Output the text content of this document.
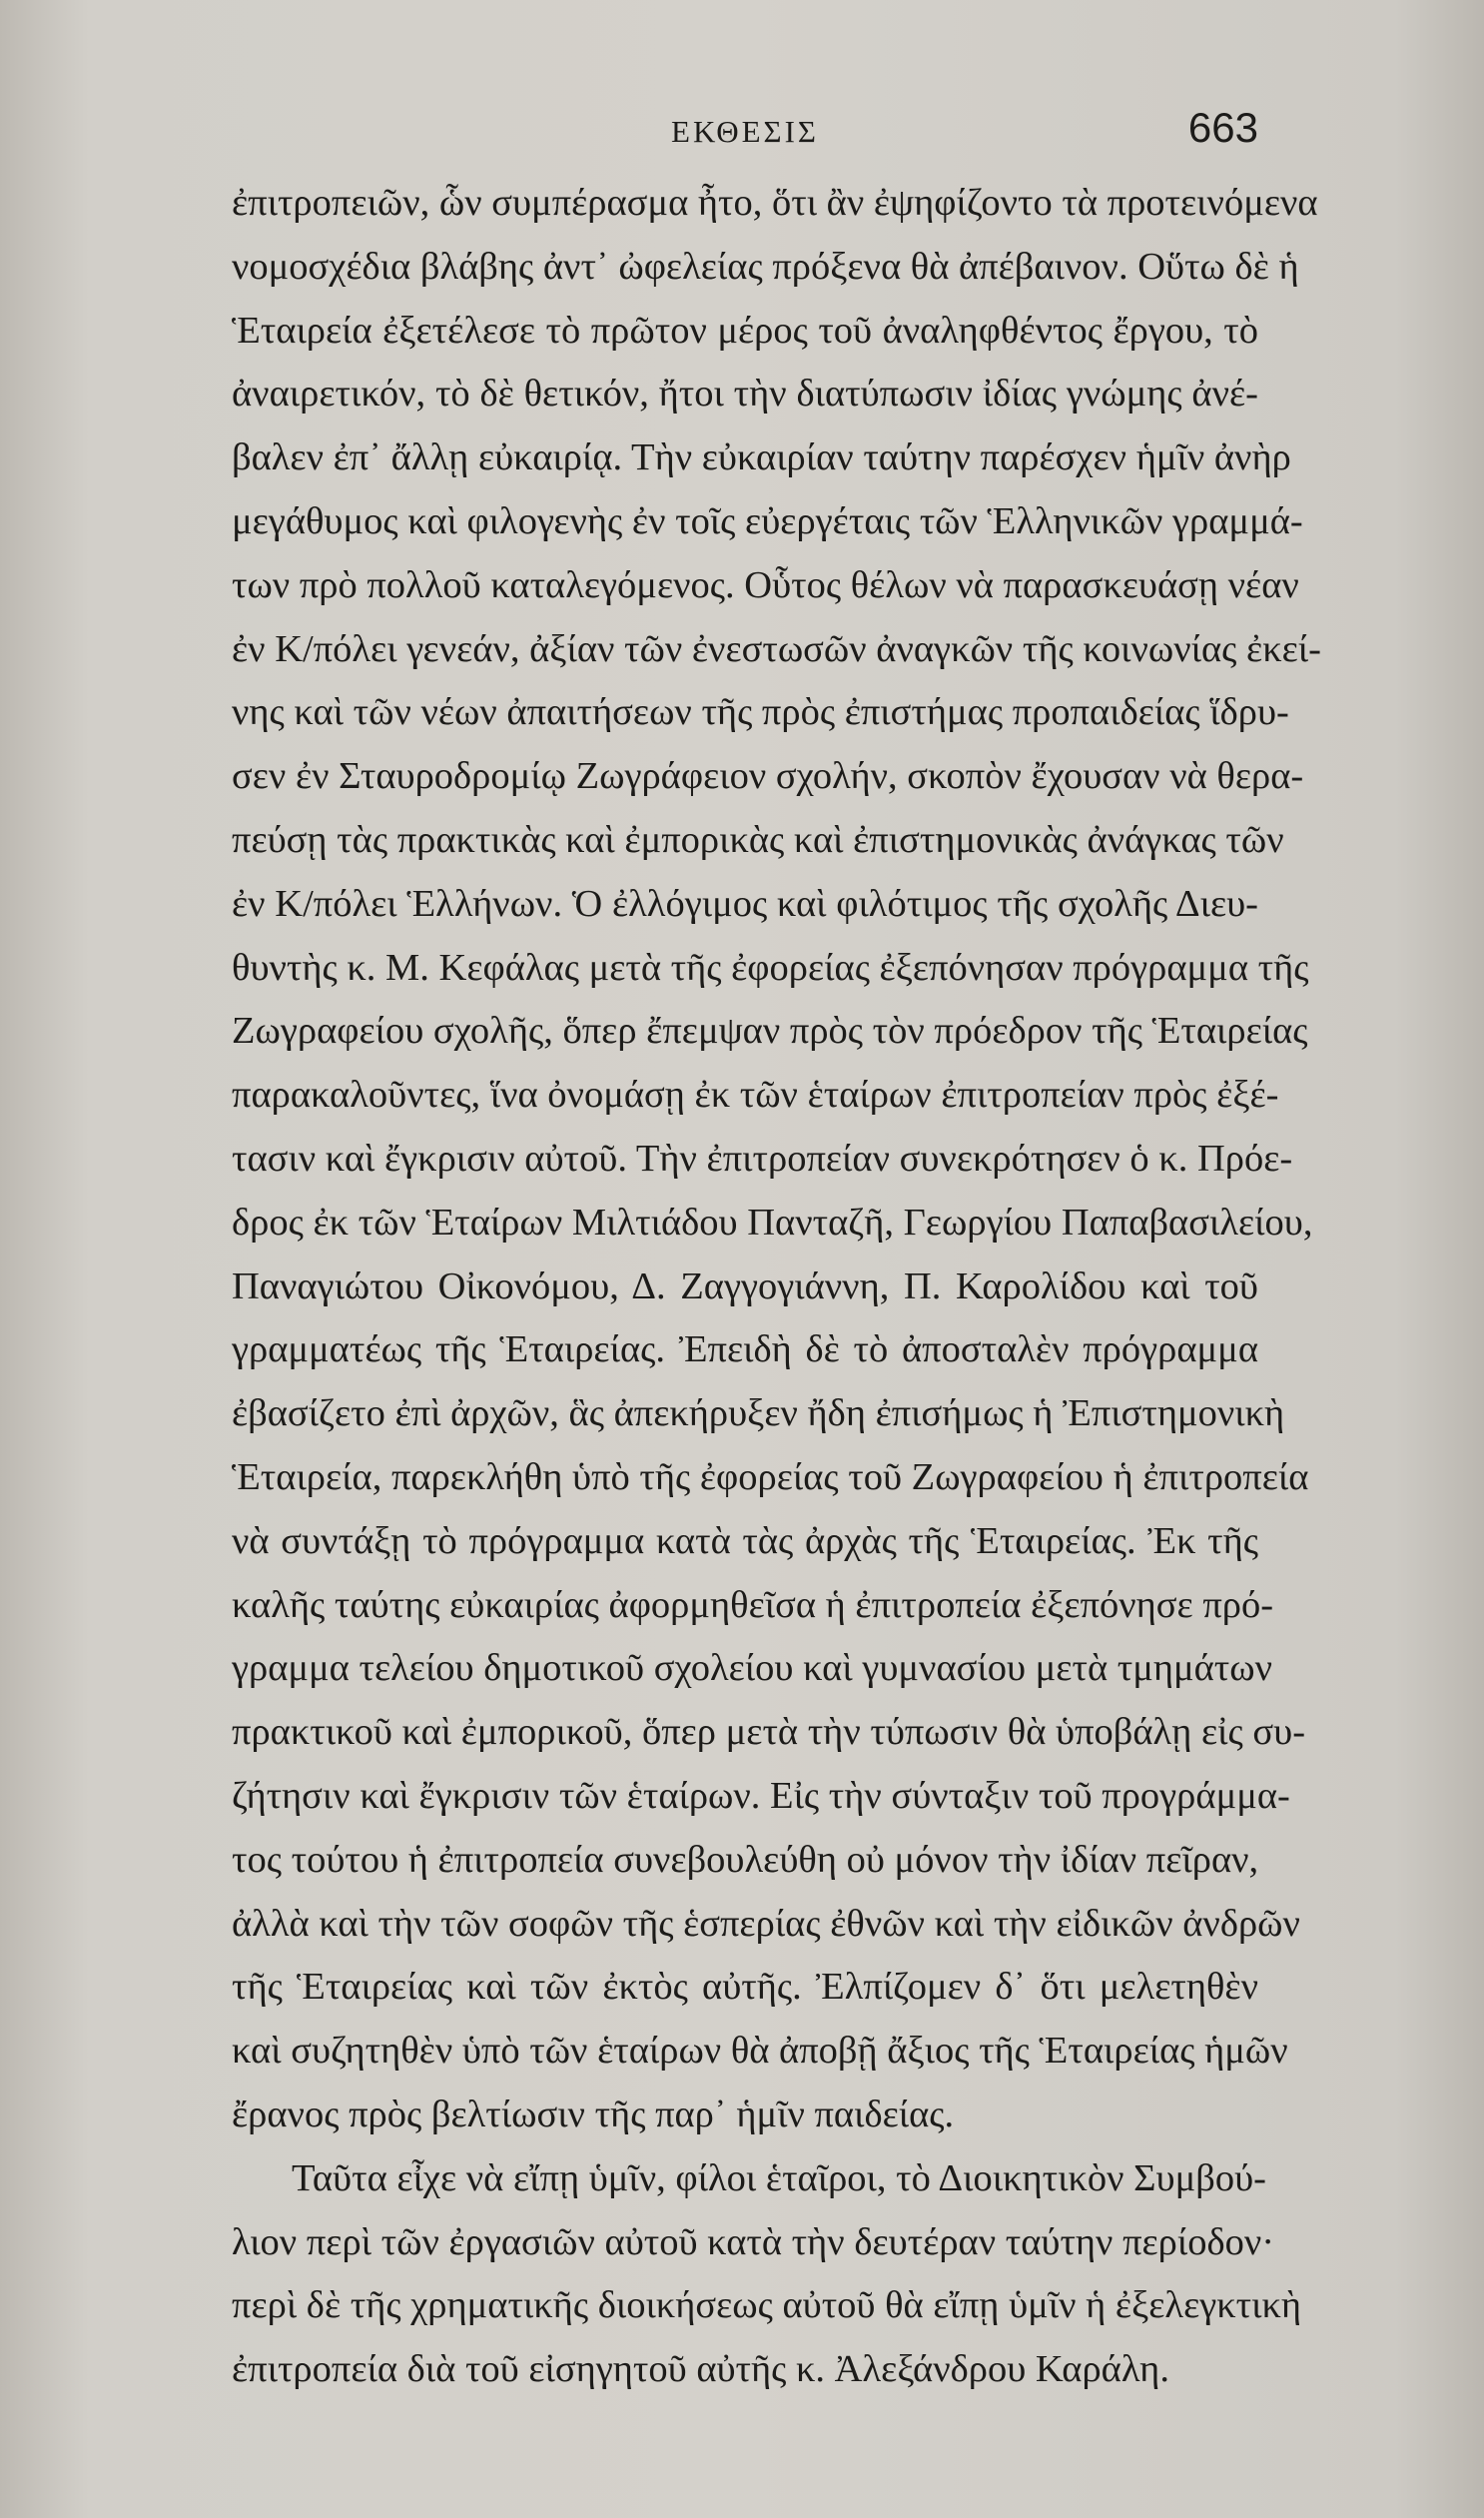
ΕΚΘΕΣΙΣ	663
ἐπιτροπειῶν, ὧν συμπέρασμα ἦτο, ὅτι ἂν ἐψηφίζοντο τὰ προτεινόμενα
νομοσχέδια βλάβης ἀντ᾽ ὠφελείας πρόξενα θὰ ἀπέβαινον. Οὕτω δὲ ἡ
Ἑταιρεία ἐξετέλεσε τὸ πρῶτον μέρος τοῦ ἀναληφθέντος ἔργου, τὸ
ἀναιρετικόν, τὸ δὲ θετικόν, ἤτοι τὴν διατύπωσιν ἰδίας γνώμης ἀνέ-
βαλεν ἐπ᾽ ἄλλῃ εὐκαιρίᾳ. Τὴν εὐκαιρίαν ταύτην παρέσχεν ἡμῖν ἀνὴρ
μεγάθυμος καὶ φιλογενὴς ἐν τοῖς εὐεργέταις τῶν Ἑλληνικῶν γραμμά-
των πρὸ πολλοῦ καταλεγόμενος. Οὗτος θέλων νὰ παρασκευάσῃ νέαν
ἐν Κ/πόλει γενεάν, ἀξίαν τῶν ἐνεστωσῶν ἀναγκῶν τῆς κοινωνίας ἐκεί-
νης καὶ τῶν νέων ἀπαιτήσεων τῆς πρὸς ἐπιστήμας προπαιδείας ἵδρυ-
σεν ἐν Σταυροδρομίῳ Ζωγράφειον σχολήν, σκοπὸν ἔχουσαν νὰ θερα-
πεύσῃ τὰς πρακτικὰς καὶ ἐμπορικὰς καὶ ἐπιστημονικὰς ἀνάγκας τῶν
ἐν Κ/πόλει Ἑλλήνων. Ὁ ἐλλόγιμος καὶ φιλότιμος τῆς σχολῆς Διευ-
θυντὴς κ. Μ. Κεφάλας μετὰ τῆς ἐφορείας ἐξεπόνησαν πρόγραμμα τῆς
Ζωγραφείου σχολῆς, ὅπερ ἔπεμψαν πρὸς τὸν πρόεδρον τῆς Ἑταιρείας
παρακαλοῦντες, ἵνα ὀνομάσῃ ἐκ τῶν ἑταίρων ἐπιτροπείαν πρὸς ἐξέ-
τασιν καὶ ἔγκρισιν αὐτοῦ. Τὴν ἐπιτροπείαν συνεκρότησεν ὁ κ. Πρόε-
δρος ἐκ τῶν Ἑταίρων Μιλτιάδου Πανταζῆ, Γεωργίου Παπαβασιλείου,
Παναγιώτου Οἰκονόμου, Δ. Ζαγγογιάννη, Π. Καρολίδου καὶ τοῦ
γραμματέως τῆς Ἑταιρείας. Ἐπειδὴ δὲ τὸ ἀποσταλὲν πρόγραμμα
ἐβασίζετο ἐπὶ ἀρχῶν, ἃς ἀπεκήρυξεν ἤδη ἐπισήμως ἡ Ἐπιστημονικὴ
Ἑταιρεία, παρεκλήθη ὑπὸ τῆς ἐφορείας τοῦ Ζωγραφείου ἡ ἐπιτροπεία
νὰ συντάξῃ τὸ πρόγραμμα κατὰ τὰς ἀρχὰς τῆς Ἑταιρείας. Ἐκ τῆς
καλῆς ταύτης εὐκαιρίας ἀφορμηθεῖσα ἡ ἐπιτροπεία ἐξεπόνησε πρό-
γραμμα τελείου δημοτικοῦ σχολείου καὶ γυμνασίου μετὰ τμημάτων
πρακτικοῦ καὶ ἐμπορικοῦ, ὅπερ μετὰ τὴν τύπωσιν θὰ ὑποβάλῃ εἰς συ-
ζήτησιν καὶ ἔγκρισιν τῶν ἑταίρων. Εἰς τὴν σύνταξιν τοῦ προγράμμα-
τος τούτου ἡ ἐπιτροπεία συνεβουλεύθη οὐ μόνον τὴν ἰδίαν πεῖραν,
ἀλλὰ καὶ τὴν τῶν σοφῶν τῆς ἑσπερίας ἐθνῶν καὶ τὴν εἰδικῶν ἀνδρῶν
τῆς Ἑταιρείας καὶ τῶν ἐκτὸς αὐτῆς. Ἐλπίζομεν δ᾽ ὅτι μελετηθὲν
καὶ συζητηθὲν ὑπὸ τῶν ἑταίρων θὰ ἀποβῇ ἄξιος τῆς Ἑταιρείας ἡμῶν
ἔρανος πρὸς βελτίωσιν τῆς παρ᾽ ἡμῖν παιδείας.
Ταῦτα εἶχε νὰ εἴπῃ ὑμῖν, φίλοι ἑταῖροι, τὸ Διοικητικὸν Συμβού-
λιον περὶ τῶν ἐργασιῶν αὐτοῦ κατὰ τὴν δευτέραν ταύτην περίοδον·
περὶ δὲ τῆς χρηματικῆς διοικήσεως αὐτοῦ θὰ εἴπῃ ὑμῖν ἡ ἐξελεγκτικὴ
ἐπιτροπεία διὰ τοῦ εἰσηγητοῦ αὐτῆς κ. Ἀλεξάνδρου Καράλη.
